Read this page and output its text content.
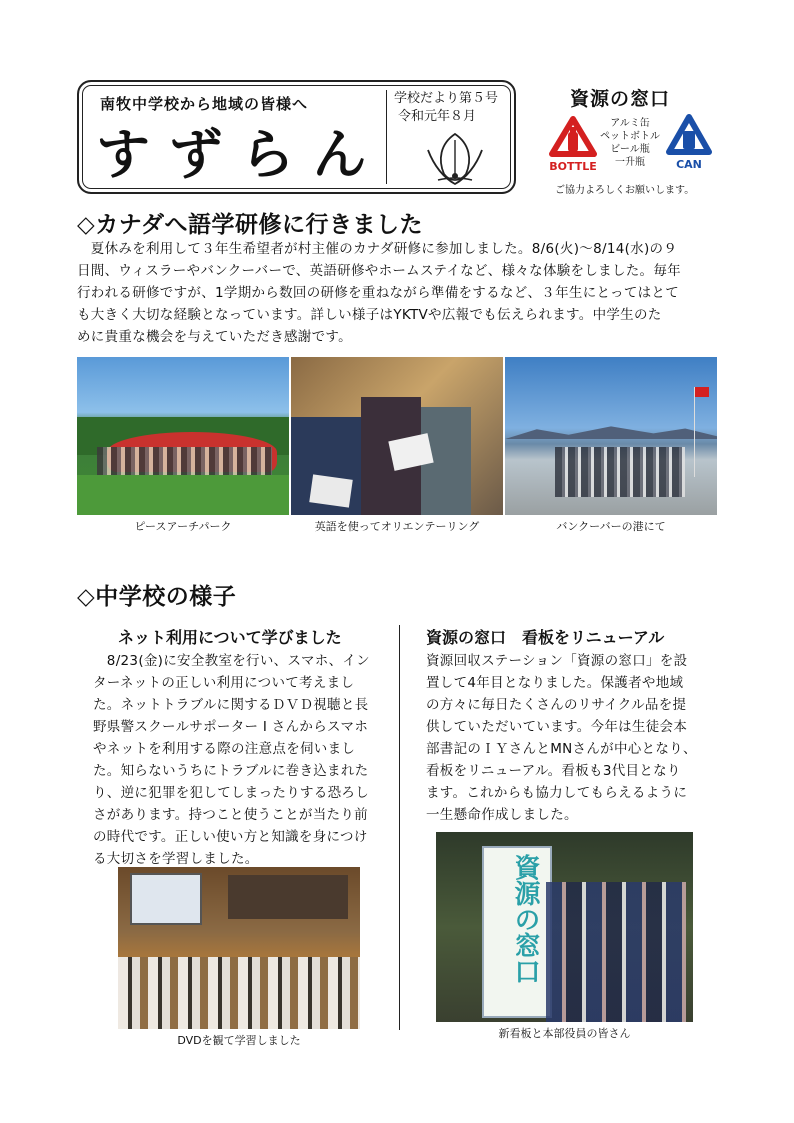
南牧中学校から地域の皆様へ
すずらん
学校だより第５号
令和元年８月
資源の窓口
BOTTLE
アルミ缶
ペットボトル
ビール瓶
一升瓶	CAN
ご協力よろしくお願いします。
◇カナダへ語学研修に行きました
　夏休みを利用して３年生希望者が村主催のカナダ研修に参加しました。8/6(火)～8/14(水)の９
日間、ウィスラーやバンクーバーで、英語研修やホームステイなど、様々な体験をしました。毎年
行われる研修ですが、1学期から数回の研修を重ねながら準備をするなど、３年生にとってはとて
も大きく大切な経験となっています。詳しい様子はYKTVや広報でも伝えられます。中学生のた
めに貴重な機会を与えていただき感謝です。
ピースアーチパーク	英語を使ってオリエンテーリング	バンクーバーの港にて
◇中学校の様子
ネット利用について学びました
　8/23(金)に安全教室を行い、スマホ、イン
ターネットの正しい利用について考えまし
た。ネットトラブルに関するＤＶＤ視聴と長
野県警スクールサポーター I さんからスマホ
やネットを利用する際の注意点を伺いまし
た。知らないうちにトラブルに巻き込まれた
り、逆に犯罪を犯してしまったりする恐ろし
さがあります。持つこと使うことが当たり前
の時代です。正しい使い方と知識を身につけ
る大切さを学習しました。
DVDを観て学習しました
資源の窓口　看板をリニューアル
資源回収ステーション「資源の窓口」を設
置して4年目となりました。保護者や地域
の方々に毎日たくさんのリサイクル品を提
供していただいています。今年は生徒会本
部書記のＩＹさんとMNさんが中心となり、
看板をリニューアル。看板も3代目となり
ます。これからも協力してもらえるように
一生懸命作成しました。
資源の窓口
新看板と本部役員の皆さん
